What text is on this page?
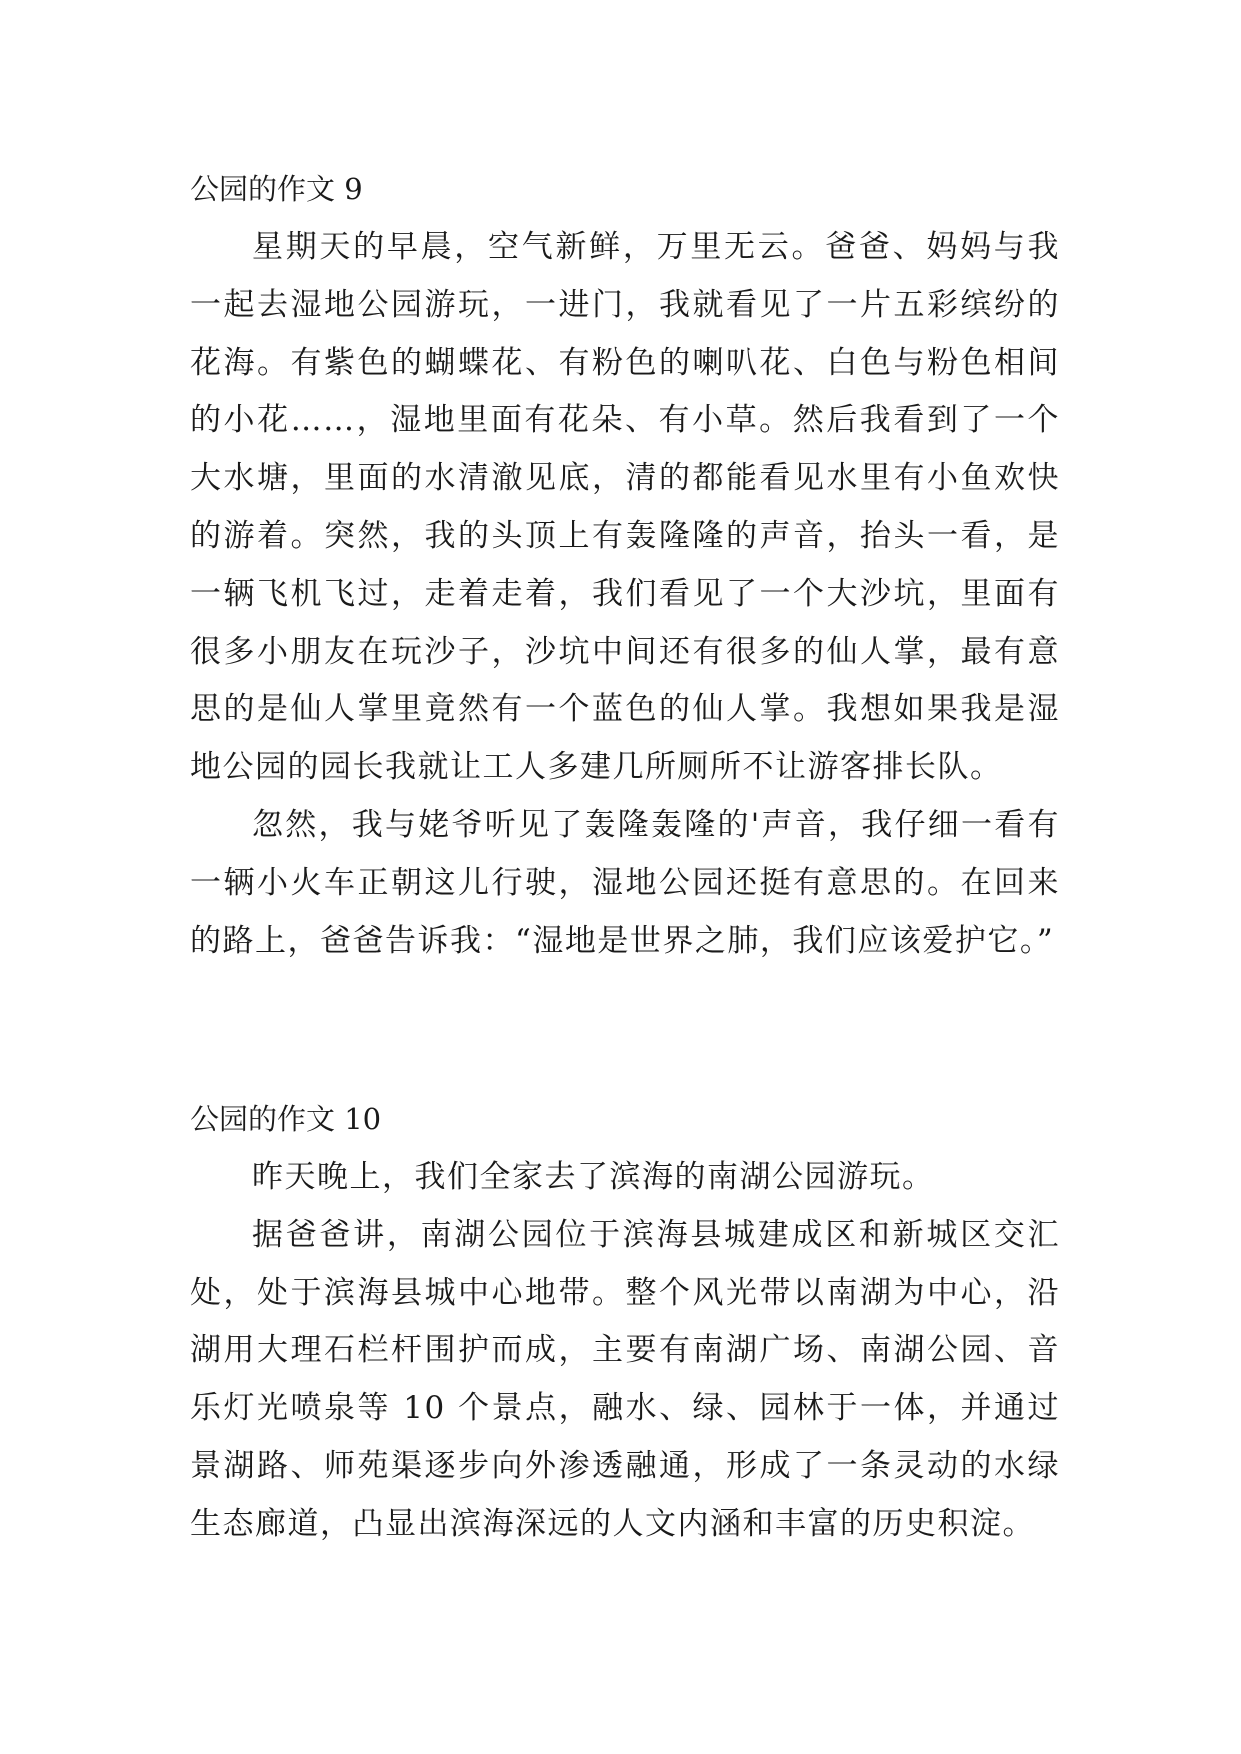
公园的作文 9

星期天的早晨，空气新鲜，万里无云。爸爸、妈妈与我一起去湿地公园游玩，一进门，我就看见了一片五彩缤纷的花海。有紫色的蝴蝶花、有粉色的喇叭花、白色与粉色相间的小花……，湿地里面有花朵、有小草。然后我看到了一个大水塘，里面的水清澈见底，清的都能看见水里有小鱼欢快的游着。突然，我的头顶上有轰隆隆的声音，抬头一看，是一辆飞机飞过，走着走着，我们看见了一个大沙坑，里面有很多小朋友在玩沙子，沙坑中间还有很多的仙人掌，最有意思的是仙人掌里竟然有一个蓝色的仙人掌。我想如果我是湿地公园的园长我就让工人多建几所厕所不让游客排长队。

忽然，我与姥爷听见了轰隆轰隆的'声音，我仔细一看有一辆小火车正朝这儿行驶，湿地公园还挺有意思的。在回来的路上，爸爸告诉我：“湿地是世界之肺，我们应该爱护它。”

公园的作文 10

昨天晚上，我们全家去了滨海的南湖公园游玩。

据爸爸讲，南湖公园位于滨海县城建成区和新城区交汇处，处于滨海县城中心地带。整个风光带以南湖为中心，沿湖用大理石栏杆围护而成，主要有南湖广场、南湖公园、音乐灯光喷泉等 10 个景点，融水、绿、园林于一体，并通过景湖路、师苑渠逐步向外渗透融通，形成了一条灵动的水绿生态廊道，凸显出滨海深远的人文内涵和丰富的历史积淀。
